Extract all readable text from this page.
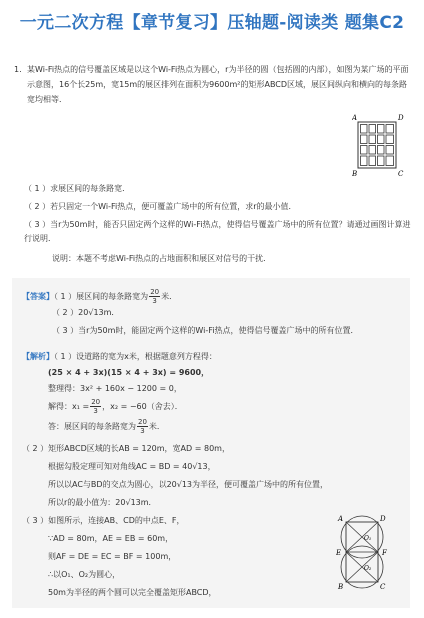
一元二次方程【章节复习】压轴题-阅读类 题集C2
1. 某Wi-Fi热点的信号覆盖区域是以这个Wi-Fi热点为圆心，r为半径的圆（包括圆的内部），如图为某广场的平面示意图，16个长25m，宽15m的展区排列在面积为9600m²的矩形ABCD区域，展区间纵向和横向的每条路宽均相等．
A	D
B	C
（ 1 ）求展区间的每条路宽．
（ 2 ）若只固定一个Wi-Fi热点，便可覆盖广场中的所有位置，求r的最小值．
（ 3 ）当r为50m时，能否只固定两个这样的Wi-Fi热点，使得信号覆盖广场中的所有位置？请通过画图计算进行说明．
说明：本题不考虑Wi-Fi热点的占地面积和展区对信号的干扰．
【答案】（ 1 ）展区间的每条路宽为 $\frac{20}{3}$ 米．
（ 2 ）20√13m．
（ 3 ）当r为50m时，能固定两个这样的Wi-Fi热点，使得信号覆盖广场中的所有位置．
【解析】（ 1 ）设道路的宽为x米，根据题意列方程得：
(25 × 4 + 3x)(15 × 4 + 3x) = 9600，
整理得：3x² + 160x − 1200 = 0，
解得：$x_1 = \frac{20}{3}$ ，x₂ = −60（舍去）．
答：展区间的每条路宽为 $\frac{20}{3}$ 米．
（ 2 ）矩形ABCD区域的长AB = 120m，宽AD = 80m，
根据勾股定理可知对角线AC = BD = 40√13，
所以以AC与BD的交点为圆心，以20√13为半径，便可覆盖广场中的所有位置，
所以r的最小值为：20√13m．
（ 3 ）如图所示，连接AB、CD的中点E、F，
∵AD = 80m，AE = EB = 60m，
则AF = DE = EC = BF = 100m，
∴以O₁、O₂为圆心，
50m为半径的两个圆可以完全覆盖矩形ABCD，
A	D
E	F
B	C
O₁
O₂
